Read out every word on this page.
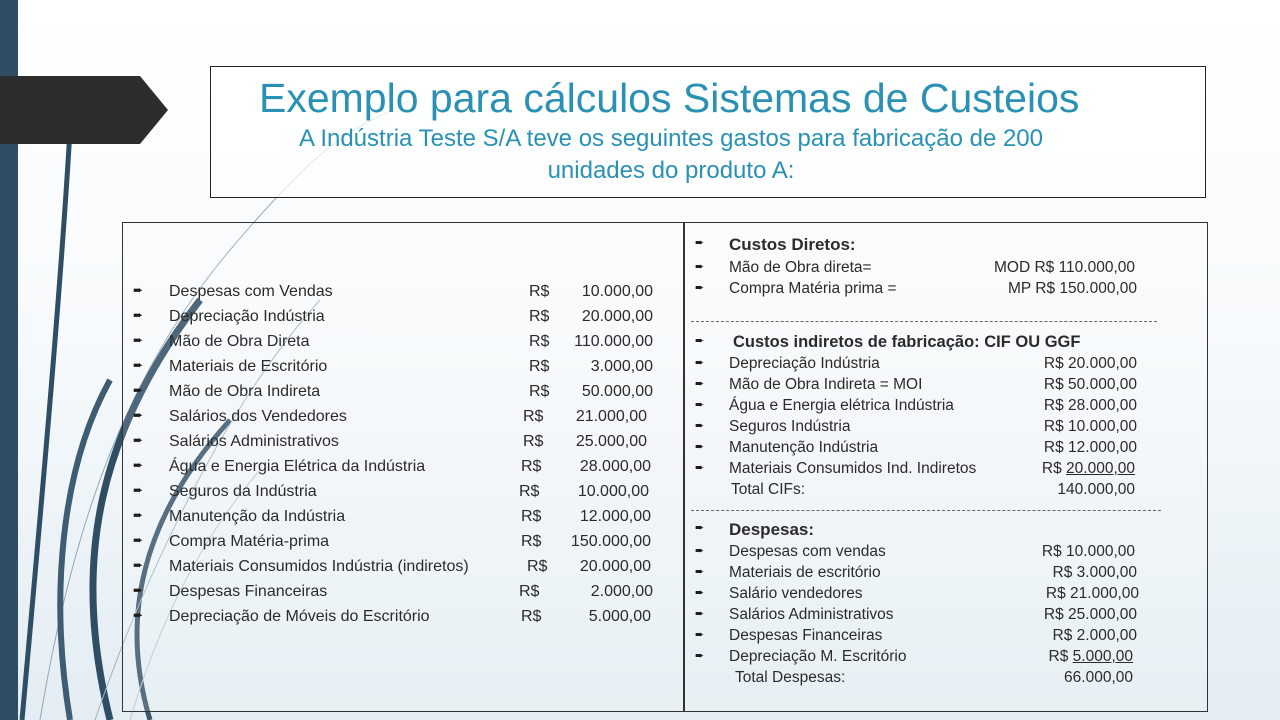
Exemplo para cálculos Sistemas de Custeios

A Indústria Teste S/A teve os seguintes gastos para fabricação de 200
unidades do produto A:

➨ Despesas com Vendas	R$	10.000,00
➨ Depreciação Indústria	R$	20.000,00
➨ Mão de Obra Direta	R$	110.000,00
➨ Materiais de Escritório	R$	3.000,00
➨ Mão de Obra Indireta	R$	50.000,00
➨ Salários dos Vendedores	R$	21.000,00
➨ Salários Administrativos	R$	25.000,00
➨ Água e Energia Elétrica da Indústria	R$	28.000,00
➨ Seguros da Indústria	R$	10.000,00
➨ Manutenção da Indústria	R$	12.000,00
➨ Compra Matéria-prima	R$	150.000,00
➨ Materiais Consumidos Indústria (indiretos)	R$	20.000,00
➨ Despesas Financeiras	R$	2.000,00
➨ Depreciação de Móveis do Escritório	R$	5.000,00
➨ Custos Diretos:
➨ Mão de Obra direta=	MOD R$ 110.000,00
➨ Compra Matéria prima =	MP R$ 150.000,00
➨ Custos indiretos de fabricação: CIF OU GGF
➨ Depreciação Indústria	R$ 20.000,00
➨ Mão de Obra Indireta = MOI	R$ 50.000,00
➨ Água e Energia elétrica Indústria	R$ 28.000,00
➨ Seguros Indústria	R$ 10.000,00
➨ Manutenção Indústria	R$ 12.000,00
➨ Materiais Consumidos Ind. Indiretos	R$ 20.000,00
Total CIFs:	140.000,00
➨ Despesas:
➨ Despesas com vendas	R$ 10.000,00
➨ Materiais de escritório	R$ 3.000,00
➨ Salário vendedores	R$ 21.000,00
➨ Salários Administrativos	R$ 25.000,00
➨ Despesas Financeiras	R$ 2.000,00
➨ Depreciação M. Escritório	R$ 5.000,00
Total Despesas:	66.000,00
